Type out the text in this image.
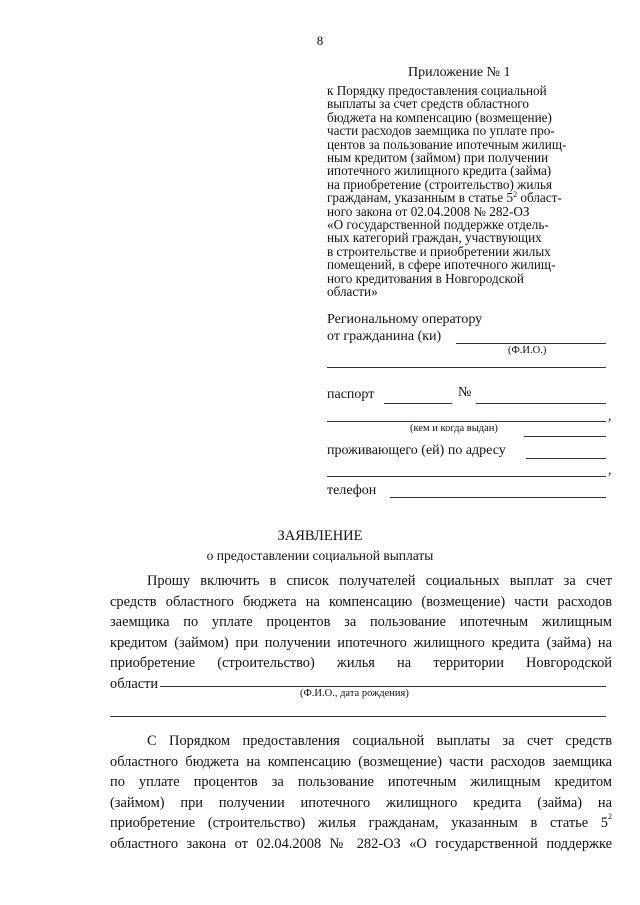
8
Приложение № 1
к Порядку предоставления социальной
выплаты за счет средств областного
бюджета на компенсацию (возмещение)
части расходов заемщика по уплате про-
центов за пользование ипотечным жилищ-
ным кредитом (займом) при получении
ипотечного жилищного кредита (займа)
на приобретение (строительство) жилья
гражданам, указанным в статье $5^2$ област-
ного закона от 02.04.2008 № 282-ОЗ
«О государственной поддержке отдель-
ных категорий граждан, участвующих
в строительстве и приобретении жилых
помещений, в сфере ипотечного жилищ-
ного кредитования в Новгородской
области»
Региональному оператору
от гражданина (ки)
(Ф.И.О.)
паспорт	№
,
(кем и когда выдан)
проживающего (ей) по адресу
,
телефон
ЗАЯВЛЕНИЕ
о предоставлении социальной выплаты
Прошу включить в список получателей социальных выплат за счет
средств областного бюджета на компенсацию (возмещение) части расходов
заемщика по уплате процентов за пользование ипотечным жилищным
кредитом (займом) при получении ипотечного жилищного кредита (займа) на
приобретение (строительство) жилья на территории Новгородской
области
(Ф.И.О., дата рождения)
С Порядком предоставления социальной выплаты за счет средств
областного бюджета на компенсацию (возмещение) части расходов заемщика
по уплате процентов за пользование ипотечным жилищным кредитом
(займом) при получении ипотечного жилищного кредита (займа) на
приобретение (строительство) жилья гражданам, указанным в статье $5^2$
областного закона от 02.04.2008 № 282-ОЗ «О государственной поддержке
